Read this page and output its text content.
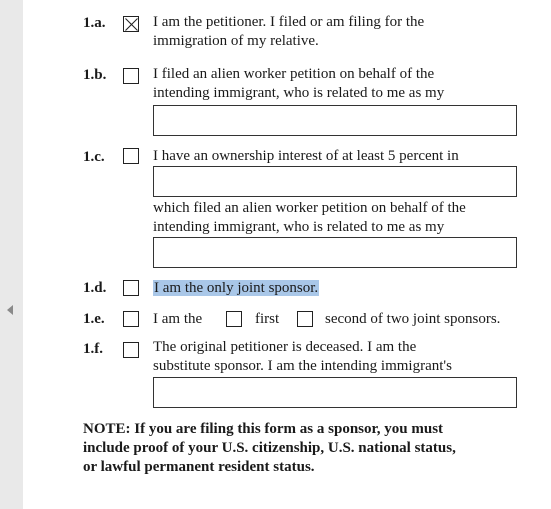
1.a.	I am the petitioner. I filed or am filing for the
immigration of my relative.
1.b.	I filed an alien worker petition on behalf of the
intending immigrant, who is related to me as my
1.c.	I have an ownership interest of at least 5 percent in
which filed an alien worker petition on behalf of the
intending immigrant, who is related to me as my
1.d.	I am the only joint sponsor.
1.e.	I am the	first	second of two joint sponsors.
1.f.	The original petitioner is deceased. I am the
substitute sponsor. I am the intending immigrant's
NOTE: If you are filing this form as a sponsor, you must
include proof of your U.S. citizenship, U.S. national status,
or lawful permanent resident status.
